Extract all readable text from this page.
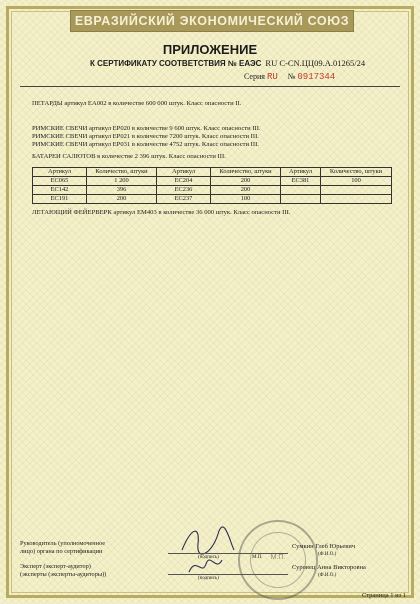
ЕВРАЗИЙСКИЙ ЭКОНОМИЧЕСКИЙ СОЮЗ
ПРИЛОЖЕНИЕ
К СЕРТИФИКАТУ СООТВЕТСТВИЯ № ЕАЭС RU C-CN.ЦЦ09.А.01265/24
Серия RU № 0917344
ПЕТАРДЫ артикул ЕА002 в количестве 600 000 штук. Класс опасности II.
РИМСКИЕ СВЕЧИ артикул ЕР020 в количестве 9 600 штук. Класс опасности III.
РИМСКИЕ СВЕЧИ артикул ЕР021 в количестве 7200 штук. Класс опасности III.
РИМСКИЕ СВЕЧИ артикул ЕР031 в количестве 4752 штук. Класс опасности III.
БАТАРЕИ САЛЮТОВ в количестве 2 396 штук. Класс опасности III.
Артикул	Количество, штуки	Артикул	Количество, штуки	Артикул	Количество, штуки
ЕС065	1 200	ЕС204	200	ЕС381	100
ЕС142	396	ЕС236	200		
ЕС191	200	ЕС237	100		
ЛЕТАЮЩИЙ ФЕЙЕРВЕРК артикул ЕМ403 в количестве 36 000 штук. Класс опасности III.
М.П.
Руководитель (уполномоченное
лицо) органа по сертификации
(подпись)	М.П.
Сумкин Глеб Юрьевич
(Ф.И.О.)
Эксперт (эксперт-аудитор)
(эксперты (эксперты-аудиторы))
(подпись)
Суровец Анна Викторовна
(Ф.И.О.)
Страница 1 из 1
